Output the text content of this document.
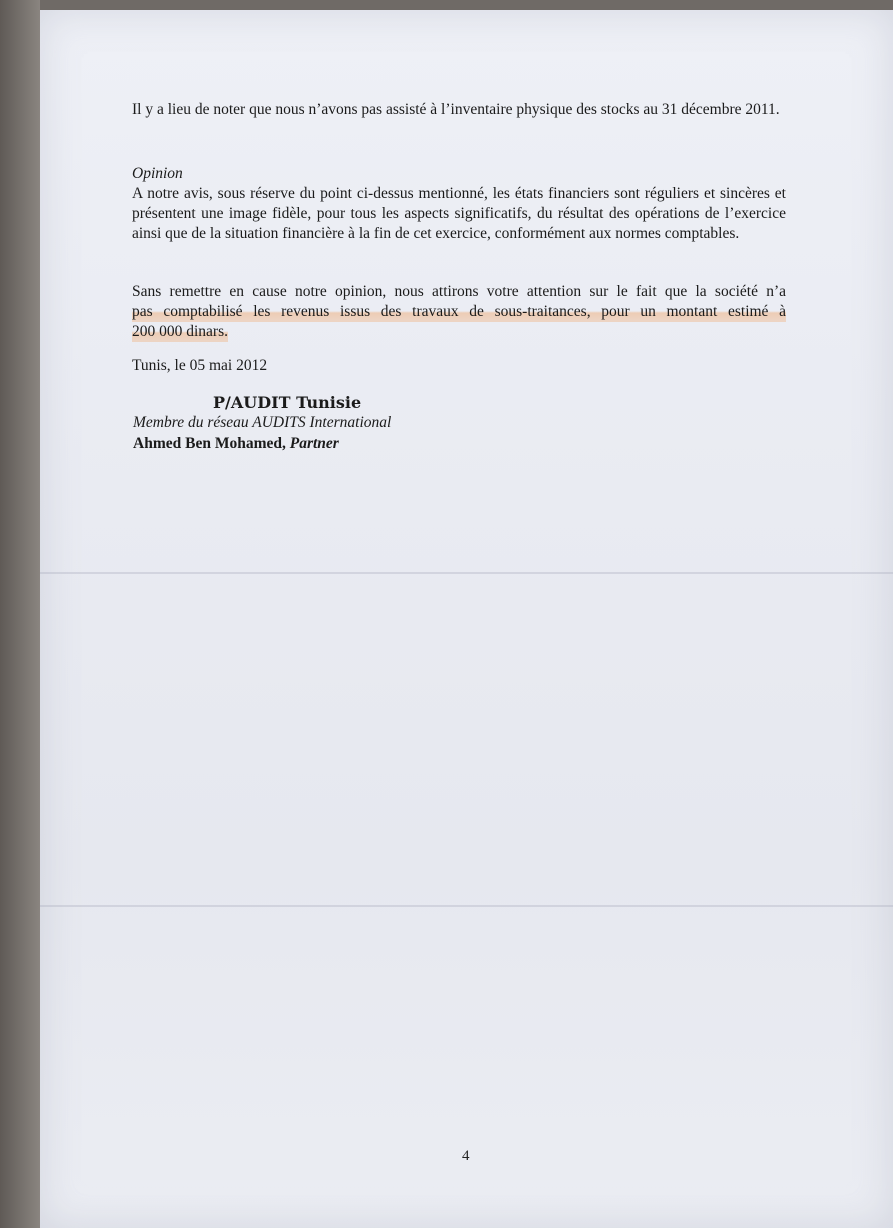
Il y a lieu de noter que nous n’avons pas assisté à l’inventaire physique des stocks au 31 décembre 2011.
Opinion
A notre avis, sous réserve du point ci-dessus mentionné, les états financiers sont réguliers et sincères et présentent une image fidèle, pour tous les aspects significatifs, du résultat des opérations de l’exercice ainsi que de la situation financière à la fin de cet exercice, conformément aux normes comptables.
Sans remettre en cause notre opinion, nous attirons votre attention sur le fait que la société n’a
pas comptabilisé les revenus issus des travaux de sous-traitances, pour un montant estimé à
200 000 dinars.
Tunis, le 05 mai 2012
P/AUDIT Tunisie
Membre du réseau AUDITS International
Ahmed Ben Mohamed, Partner
4
